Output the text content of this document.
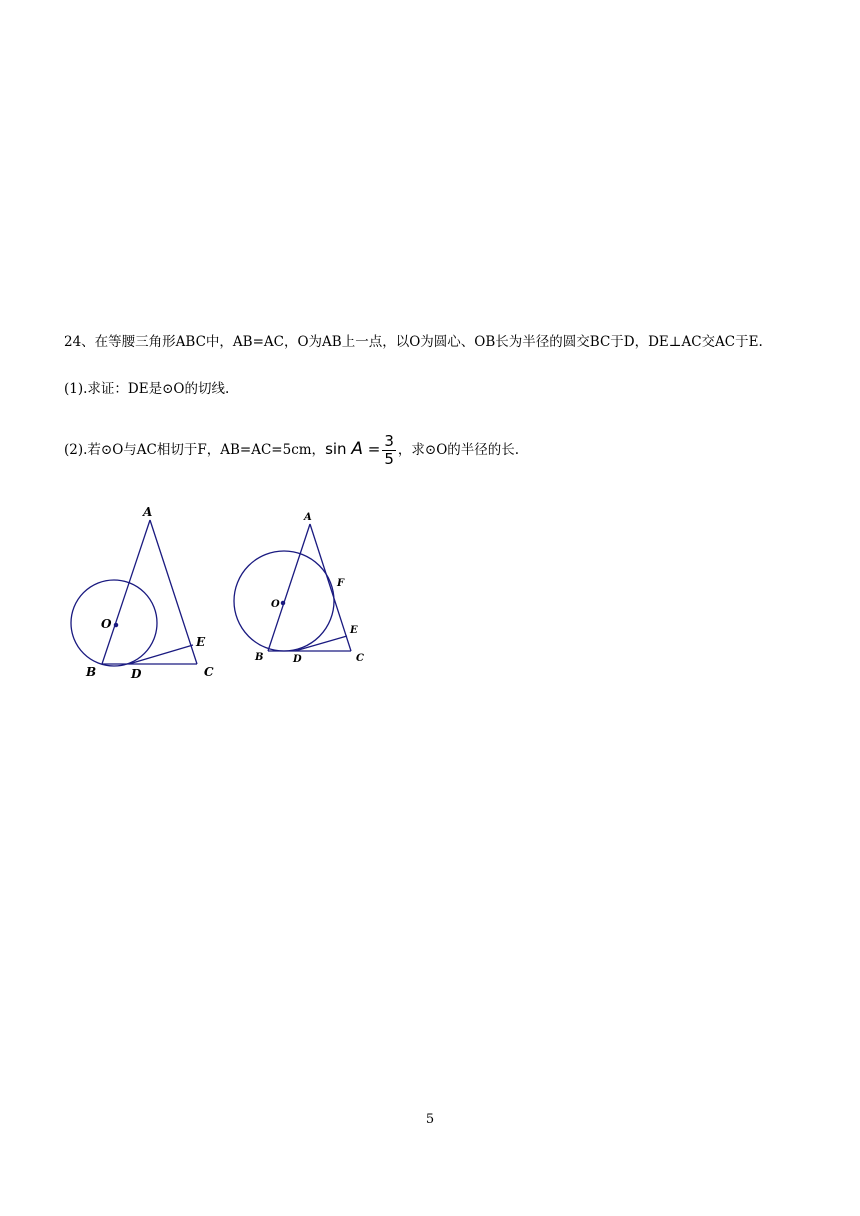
24、在等腰三角形ABC中，AB=AC，O为AB上一点，以O为圆心、OB长为半径的圆交BC于D，DE⊥AC交AC于E.
(1).求证：DE是⊙O的切线.
(2).若⊙O与AC相切于F，AB=AC=5cm，$\sin A = \frac{3}{5}$ ，求⊙O的半径的长.
A
O
B	D	C
E
A
O
F
E
B	D	C
5
